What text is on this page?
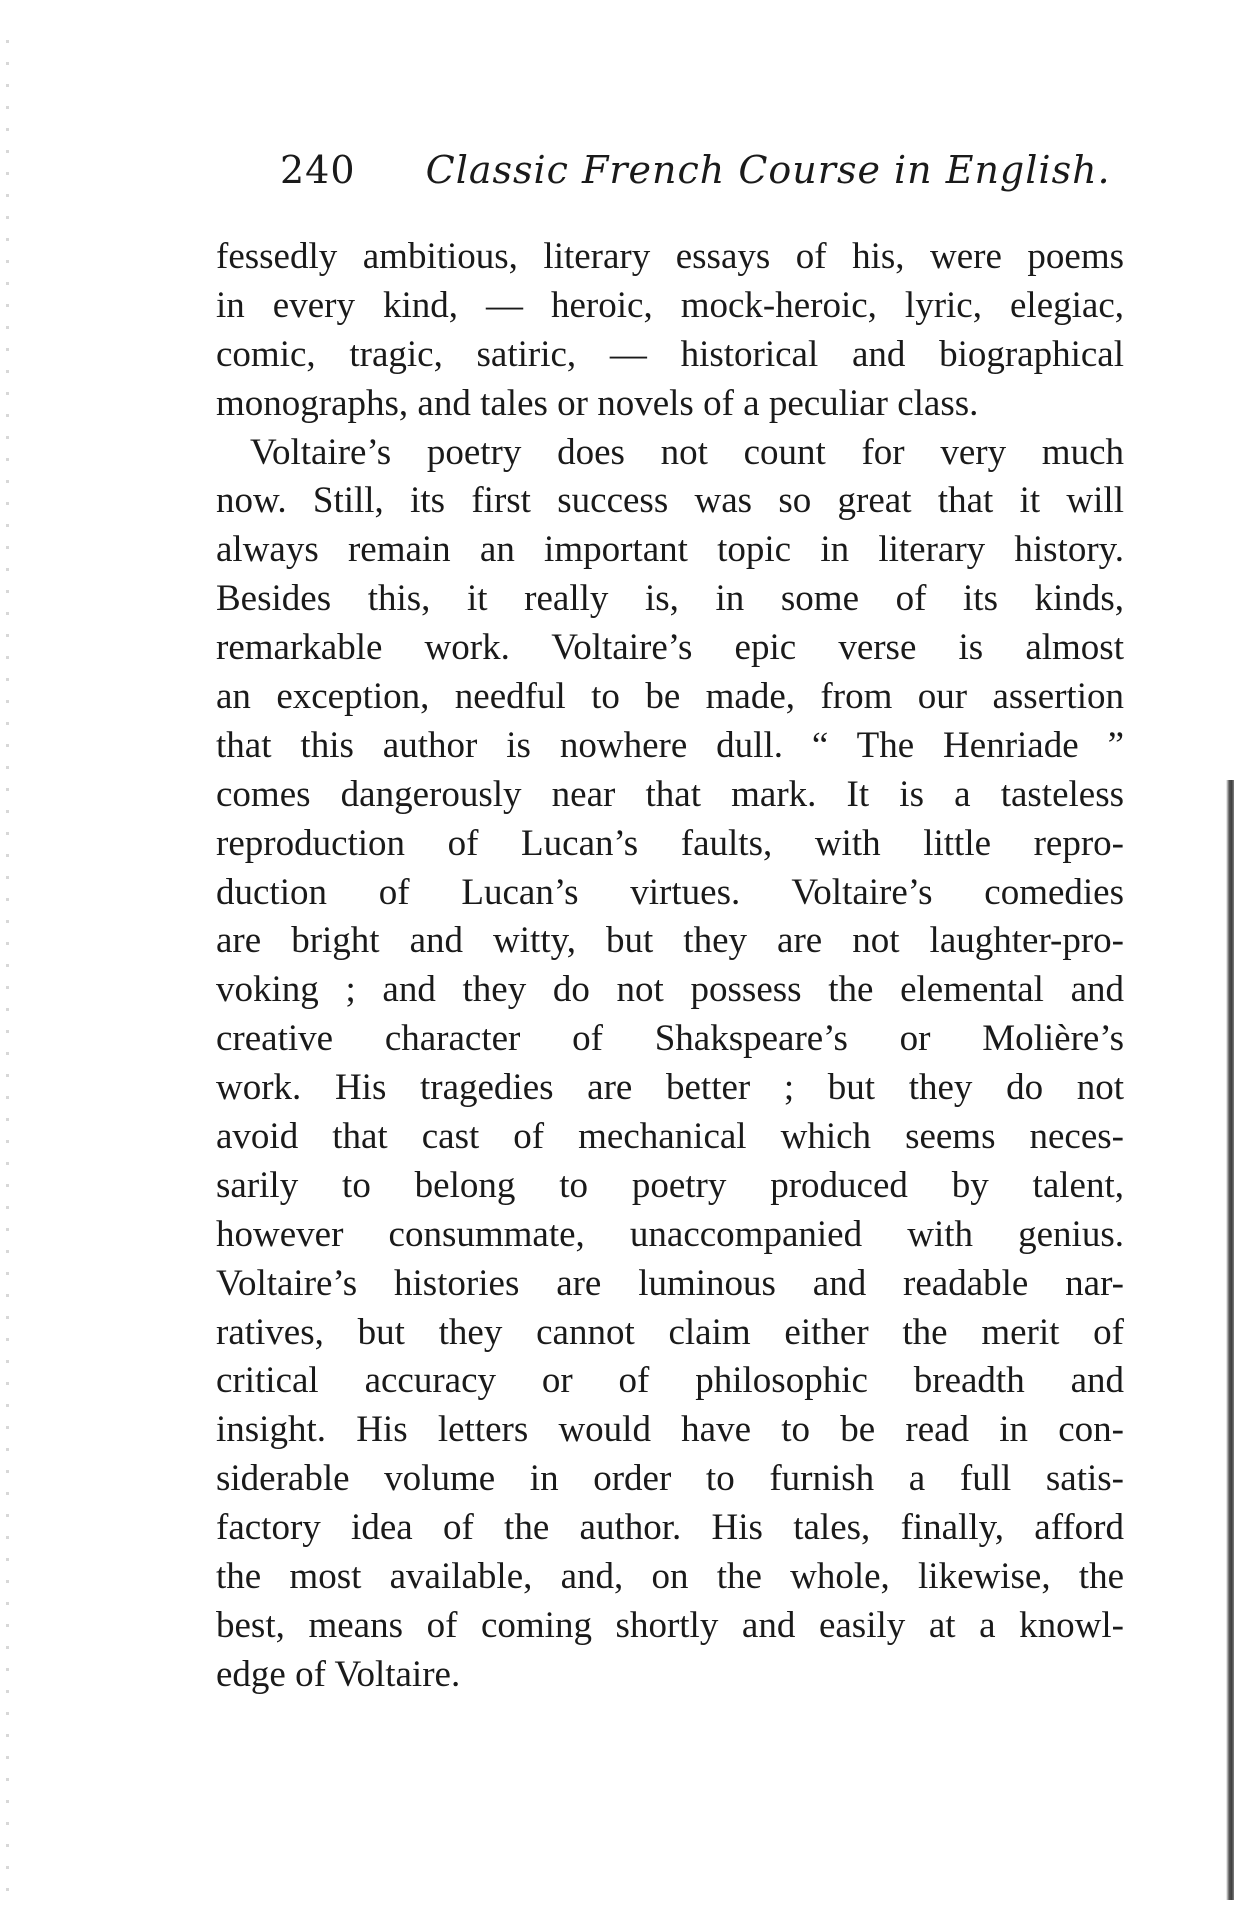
240 Classic French Course in English.
fessedly ambitious, literary essays of his, were poems
in every kind, — heroic, mock-heroic, lyric, elegiac,
comic, tragic, satiric, — historical and biographical
monographs, and tales or novels of a peculiar class.
Voltaire’s poetry does not count for very much
now. Still, its first success was so great that it will
always remain an important topic in literary history.
Besides this, it really is, in some of its kinds,
remarkable work. Voltaire’s epic verse is almost
an exception, needful to be made, from our assertion
that this author is nowhere dull. “ The Henriade ”
comes dangerously near that mark. It is a tasteless
reproduction of Lucan’s faults, with little repro-
duction of Lucan’s virtues. Voltaire’s comedies
are bright and witty, but they are not laughter-pro-
voking ; and they do not possess the elemental and
creative character of Shakspeare’s or Molière’s
work. His tragedies are better ; but they do not
avoid that cast of mechanical which seems neces-
sarily to belong to poetry produced by talent,
however consummate, unaccompanied with genius.
Voltaire’s histories are luminous and readable nar-
ratives, but they cannot claim either the merit of
critical accuracy or of philosophic breadth and
insight. His letters would have to be read in con-
siderable volume in order to furnish a full satis-
factory idea of the author. His tales, finally, afford
the most available, and, on the whole, likewise, the
best, means of coming shortly and easily at a knowl-
edge of Voltaire.
